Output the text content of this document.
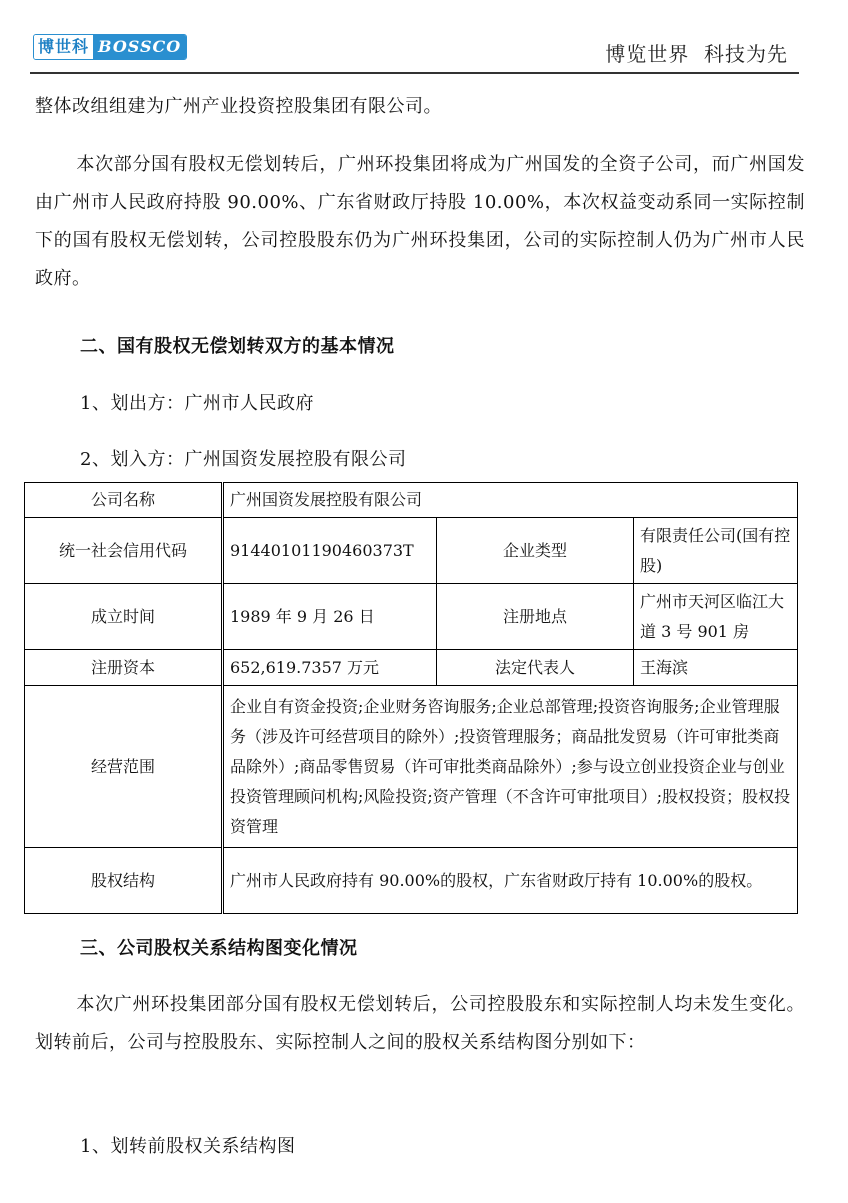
博世科 BOSSCO	博览世界  科技为先

整体改组组建为广州产业投资控股集团有限公司。

本次部分国有股权无偿划转后，广州环投集团将成为广州国发的全资子公司，而广州国发由广州市人民政府持股 90.00%、广东省财政厅持股 10.00%，本次权益变动系同一实际控制下的国有股权无偿划转，公司控股股东仍为广州环投集团，公司的实际控制人仍为广州市人民政府。

二、国有股权无偿划转双方的基本情况

1、划出方：广州市人民政府

2、划入方：广州国资发展控股有限公司

公司名称	广州国资发展控股有限公司		
统一社会信用代码	91440101190460373T	企业类型	有限责任公司(国有控股)
成立时间	1989 年 9 月 26 日	注册地点	广州市天河区临江大道 3 号 901 房
注册资本	652,619.7357 万元	法定代表人	王海滨
经营范围	企业自有资金投资;企业财务咨询服务;企业总部管理;投资咨询服务;企业管理服务（涉及许可经营项目的除外）;投资管理服务；商品批发贸易（许可审批类商品除外）;商品零售贸易（许可审批类商品除外）;参与设立创业投资企业与创业投资管理顾问机构;风险投资;资产管理（不含许可审批项目）;股权投资；股权投资管理		
股权结构	广州市人民政府持有 90.00%的股权，广东省财政厅持有 10.00%的股权。		

三、公司股权关系结构图变化情况

本次广州环投集团部分国有股权无偿划转后，公司控股股东和实际控制人均未发生变化。划转前后，公司与控股股东、实际控制人之间的股权关系结构图分别如下：

1、划转前股权关系结构图
